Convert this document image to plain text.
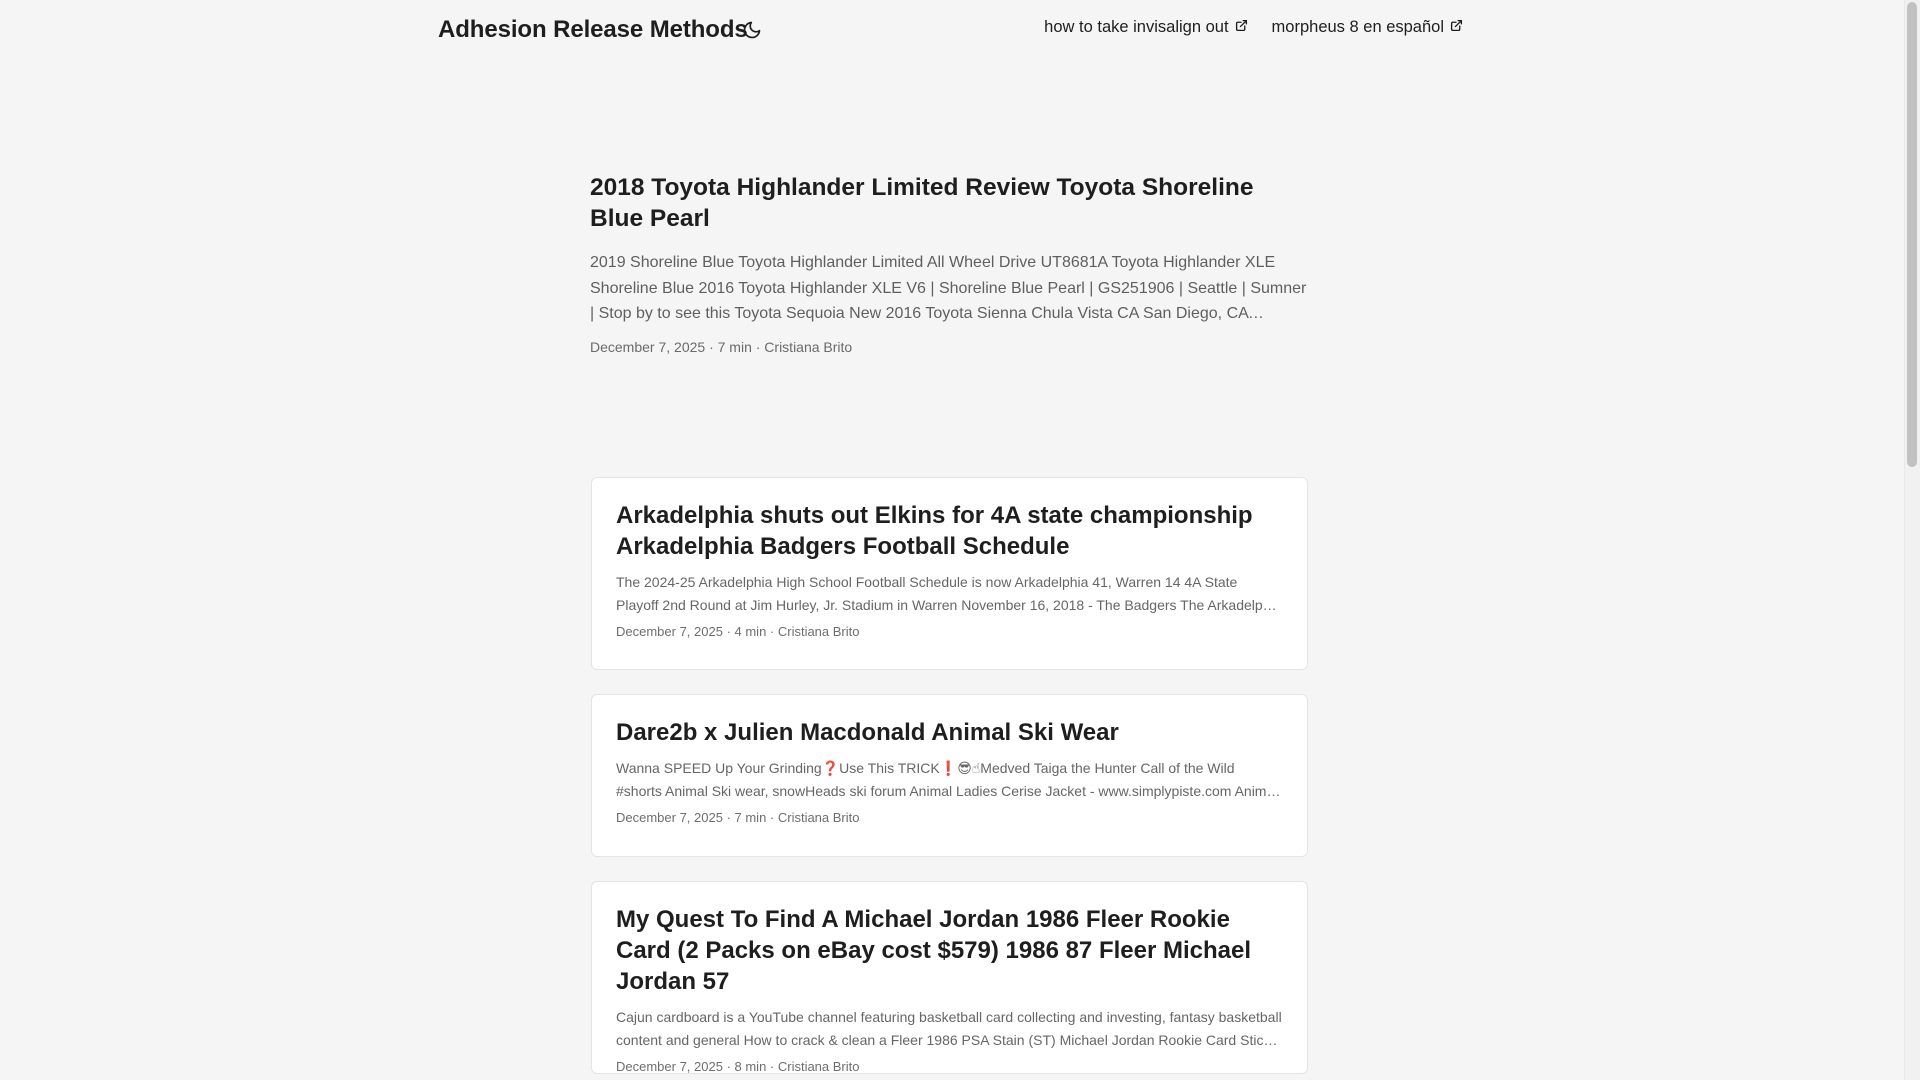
Adhesion Release Methods	how to take invisalign out	morpheus 8 en español
2018 Toyota Highlander Limited Review Toyota Shoreline Blue Pearl
2019 Shoreline Blue Toyota Highlander Limited All Wheel Drive UT8681A Toyota Highlander XLE Shoreline Blue 2016 Toyota Highlander XLE V6 | Shoreline Blue Pearl | GS251906 | Seattle | Sumner | Stop by to see this Toyota Sequoia New 2016 Toyota Sienna Chula Vista CA San Diego, CA
December 7, 2025 · 7 min · Cristiana Brito
Arkadelphia shuts out Elkins for 4A state championship Arkadelphia Badgers Football Schedule
The 2024-25 Arkadelphia High School Football Schedule is now Arkadelphia 41, Warren 14 4A State Playoff 2nd Round at Jim Hurley, Jr. Stadium in Warren November 16, 2018 - The Badgers The Arkadelphia
December 7, 2025 · 4 min · Cristiana Brito
Dare2b x Julien Macdonald Animal Ski Wear
Wanna SPEED Up Your Grinding❓Use This TRICK❗😎☝Medved Taiga the Hunter Call of the Wild #shorts Animal Ski wear, snowHeads ski forum Animal Ladies Cerise Jacket - www.simplypiste.com Animal
December 7, 2025 · 7 min · Cristiana Brito
My Quest To Find A Michael Jordan 1986 Fleer Rookie Card (2 Packs on eBay cost $579) 1986 87 Fleer Michael Jordan 57
Cajun cardboard is a YouTube channel featuring basketball card collecting and investing, fantasy basketball content and general How to crack & clean a Fleer 1986 PSA Stain (ST) Michael Jordan Rookie Card Sticker
December 7, 2025 · 8 min · Cristiana Brito
